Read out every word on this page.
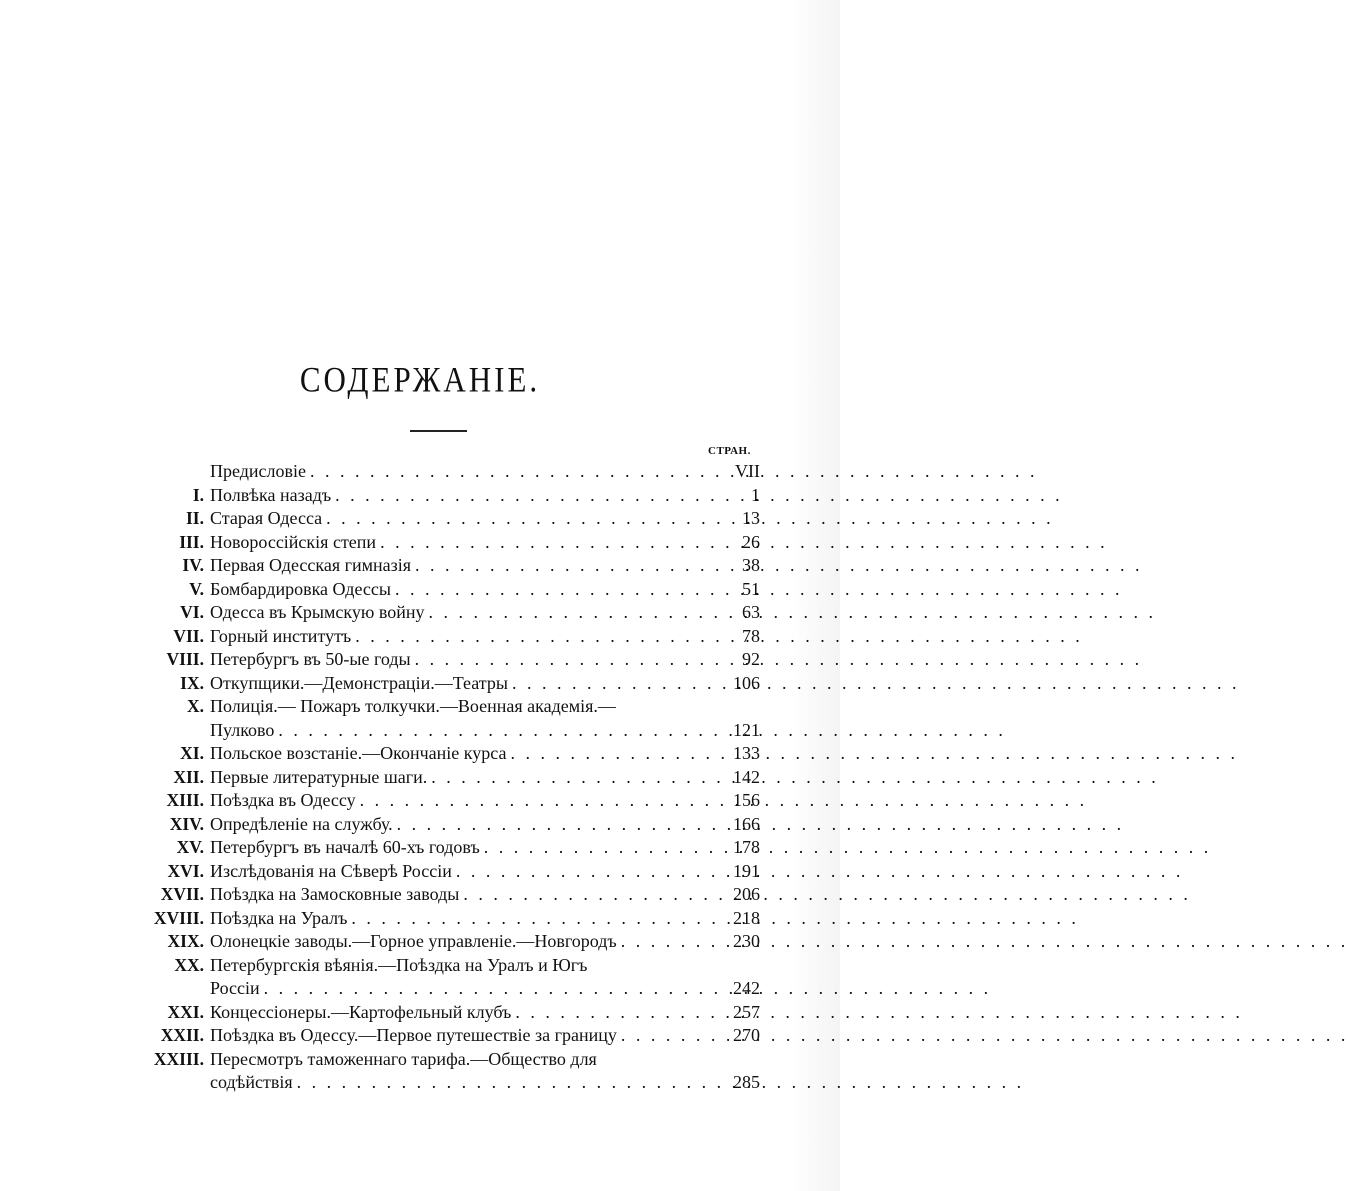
СОДЕРЖАНIЕ.
СТРАН.
Предисловіе . . .	VII
I. Полвѣка назадъ . . .	1
II. Старая Одесса . . .	13
III. Новороссійскія степи . . .	26
IV. Первая Одесская гимназія . . .	38
V. Бомбардировка Одессы . . .	51
VI. Одесса въ Крымскую войну . . .	63
VII. Горный институтъ . . .	78
VIII. Петербургъ въ 50-ые годы . . .	92
IX. Откупщики.—Демонстраціи.—Театры . . .	106
X. Полиція.— Пожаръ толкучки.—Военная академія.—
Пулково . . .	121
XI. Польское возстаніе.—Окончаніе курса . . .	133
XII. Первые литературные шаги. . . .	142
XIII. Поѣздка въ Одессу . . .	156
XIV. Опредѣленіе на службу. . . .	166
XV. Петербургъ въ началѣ 60-хъ годовъ . . .	178
XVI. Изслѣдованія на Сѣверѣ Россіи . . .	191
XVII. Поѣздка на Замосковные заводы . . .	206
XVIII. Поѣздка на Уралъ . . .	218
XIX. Олонецкіе заводы.—Горное управленіе.—Новгородъ . . .	230
XX. Петербургскія вѣянія.—Поѣздка на Уралъ и Югъ
Россіи . . .	242
XXI. Концессіонеры.—Картофельный клубъ . . .	257
XXII. Поѣздка въ Одессу.—Первое путешествіе за границу . . .	270
XXIII. Пересмотръ таможеннаго тарифа.—Общество для
содѣйствія . . .	285
